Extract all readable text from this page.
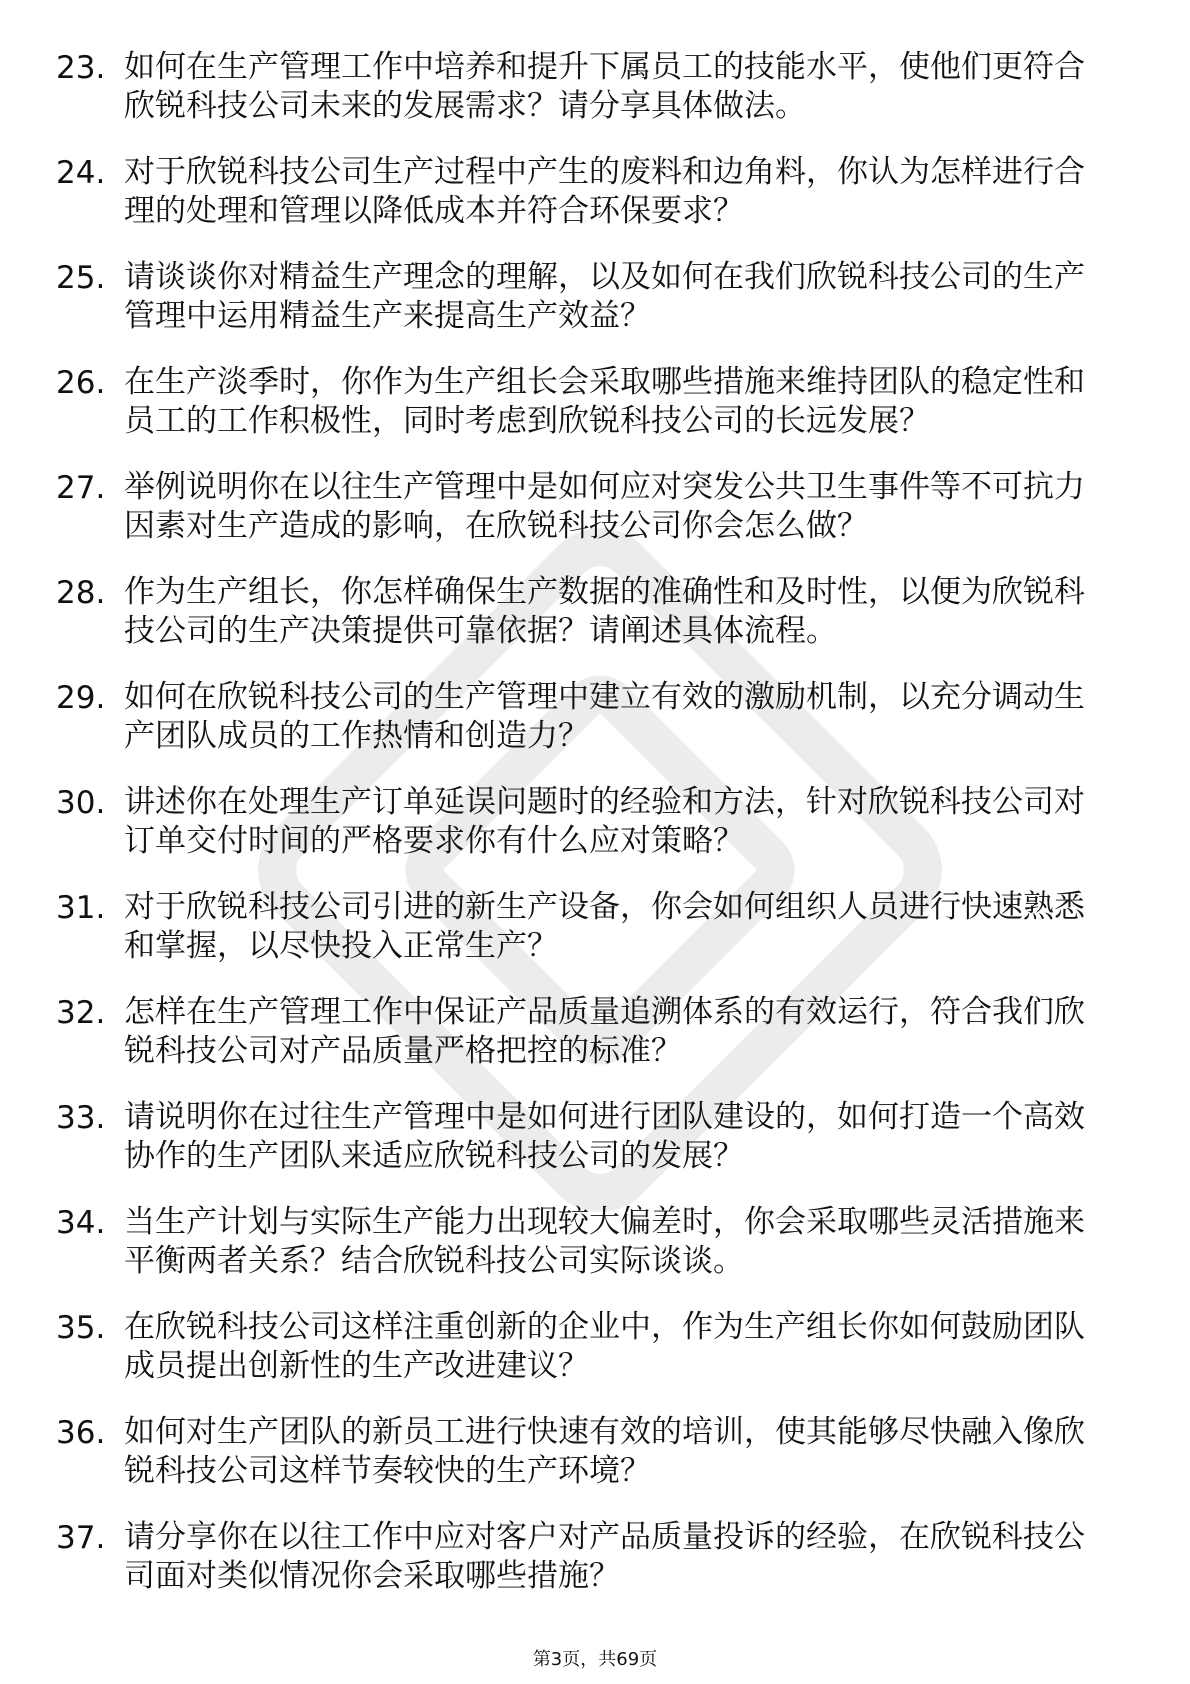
23. 如何在生产管理工作中培养和提升下属员工的技能水平，使他们更符合欣锐科技公司未来的发展需求？请分享具体做法。
24. 对于欣锐科技公司生产过程中产生的废料和边角料，你认为怎样进行合理的处理和管理以降低成本并符合环保要求？
25. 请谈谈你对精益生产理念的理解，以及如何在我们欣锐科技公司的生产管理中运用精益生产来提高生产效益？
26. 在生产淡季时，你作为生产组长会采取哪些措施来维持团队的稳定性和员工的工作积极性，同时考虑到欣锐科技公司的长远发展？
27. 举例说明你在以往生产管理中是如何应对突发公共卫生事件等不可抗力因素对生产造成的影响，在欣锐科技公司你会怎么做？
28. 作为生产组长，你怎样确保生产数据的准确性和及时性，以便为欣锐科技公司的生产决策提供可靠依据？请阐述具体流程。
29. 如何在欣锐科技公司的生产管理中建立有效的激励机制，以充分调动生产团队成员的工作热情和创造力？
30. 讲述你在处理生产订单延误问题时的经验和方法，针对欣锐科技公司对订单交付时间的严格要求你有什么应对策略？
31. 对于欣锐科技公司引进的新生产设备，你会如何组织人员进行快速熟悉和掌握，以尽快投入正常生产？
32. 怎样在生产管理工作中保证产品质量追溯体系的有效运行，符合我们欣锐科技公司对产品质量严格把控的标准？
33. 请说明你在过往生产管理中是如何进行团队建设的，如何打造一个高效协作的生产团队来适应欣锐科技公司的发展？
34. 当生产计划与实际生产能力出现较大偏差时，你会采取哪些灵活措施来平衡两者关系？结合欣锐科技公司实际谈谈。
35. 在欣锐科技公司这样注重创新的企业中，作为生产组长你如何鼓励团队成员提出创新性的生产改进建议？
36. 如何对生产团队的新员工进行快速有效的培训，使其能够尽快融入像欣锐科技公司这样节奏较快的生产环境？
37. 请分享你在以往工作中应对客户对产品质量投诉的经验，在欣锐科技公司面对类似情况你会采取哪些措施？
第3页，共69页
